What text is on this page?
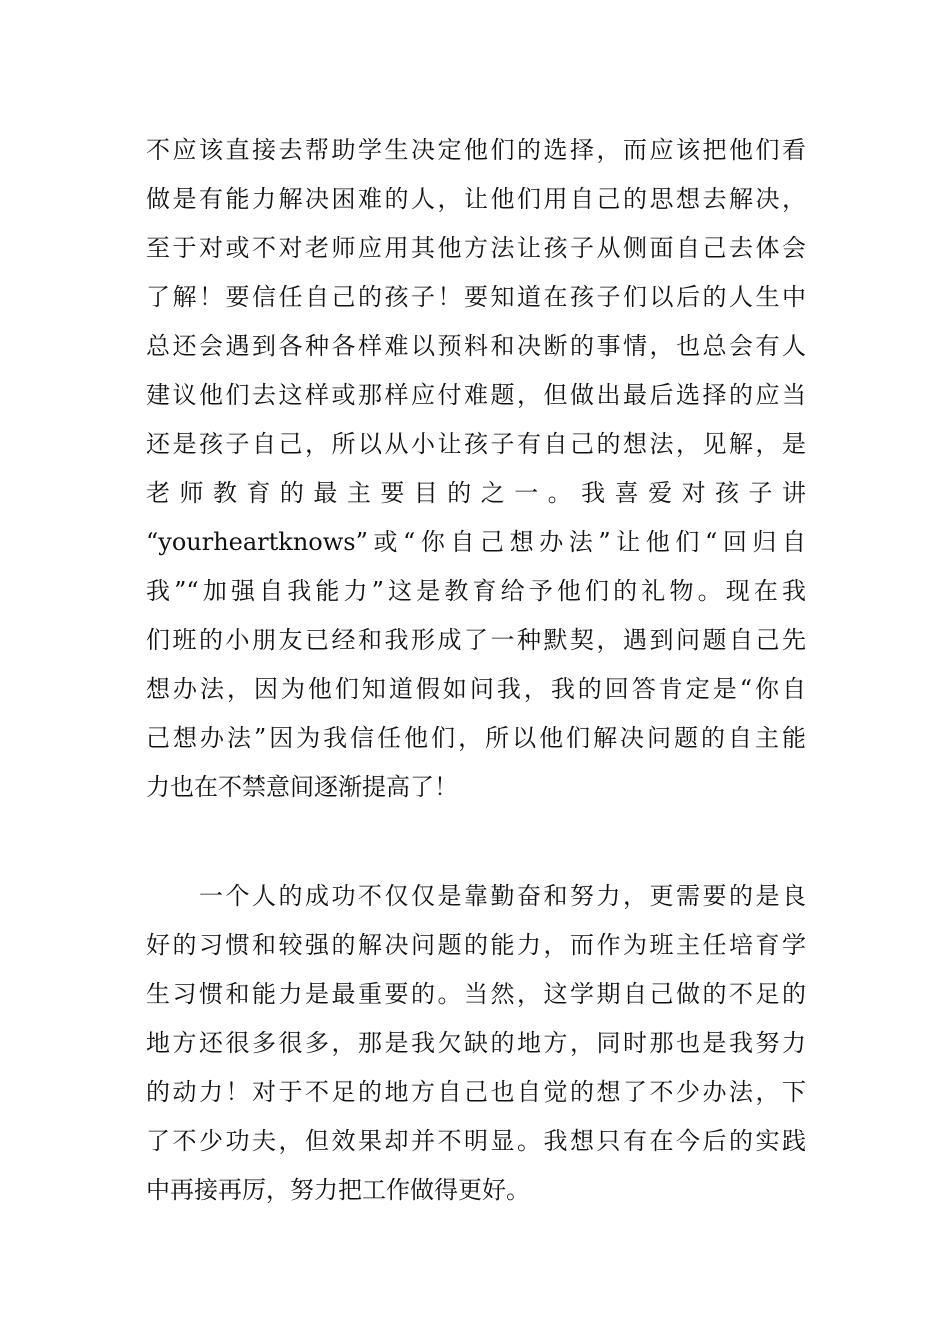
不应该直接去帮助学生决定他们的选择，而应该把他们看
做是有能力解决困难的人，让他们用自己的思想去解决，
至于对或不对老师应用其他方法让孩子从侧面自己去体会
了解！要信任自己的孩子！要知道在孩子们以后的人生中
总还会遇到各种各样难以预料和决断的事情，也总会有人
建议他们去这样或那样应付难题，但做出最后选择的应当
还是孩子自己，所以从小让孩子有自己的想法，见解，是
老 师 教 育 的 最 主 要 目 的 之 一 。 我 喜 爱 对 孩 子 讲
“yourheartknows”或“你自己想办法”让他们“回归自
我”“加强自我能力”这是教育给予他们的礼物。现在我
们班的小朋友已经和我形成了一种默契，遇到问题自己先
想办法，因为他们知道假如问我，我的回答肯定是“你自
己想办法”因为我信任他们，所以他们解决问题的自主能
力也在不禁意间逐渐提高了！
　　一个人的成功不仅仅是靠勤奋和努力，更需要的是良
好的习惯和较强的解决问题的能力，而作为班主任培育学
生习惯和能力是最重要的。当然，这学期自己做的不足的
地方还很多很多，那是我欠缺的地方，同时那也是我努力
的动力！对于不足的地方自己也自觉的想了不少办法，下
了不少功夫，但效果却并不明显。我想只有在今后的实践
中再接再厉，努力把工作做得更好。
